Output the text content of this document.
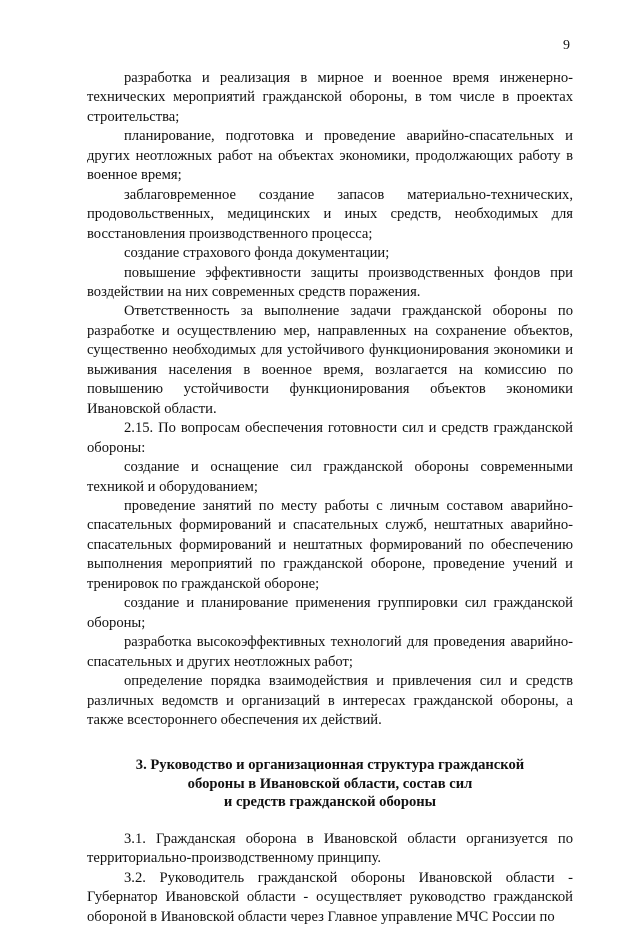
9

разработка и реализация в мирное и военное время инженерно-технических мероприятий гражданской обороны, в том числе в проектах строительства;

планирование, подготовка и проведение аварийно-спасательных и других неотложных работ на объектах экономики, продолжающих работу в военное время;

заблаговременное создание запасов материально-технических, продовольственных, медицинских и иных средств, необходимых для восстановления производственного процесса;

создание страхового фонда документации;

повышение эффективности защиты производственных фондов при воздействии на них современных средств поражения.

Ответственность за выполнение задачи гражданской обороны по разработке и осуществлению мер, направленных на сохранение объектов, существенно необходимых для устойчивого функционирования экономики и выживания населения в военное время, возлагается на комиссию по повышению устойчивости функционирования объектов экономики Ивановской области.

2.15. По вопросам обеспечения готовности сил и средств гражданской обороны:

создание и оснащение сил гражданской обороны современными техникой и оборудованием;

проведение занятий по месту работы с личным составом аварийно-спасательных формирований и спасательных служб, нештатных аварийно-спасательных формирований и нештатных формирований по обеспечению выполнения мероприятий по гражданской обороне, проведение учений и тренировок по гражданской обороне;

создание и планирование применения группировки сил гражданской обороны;

разработка высокоэффективных технологий для проведения аварийно-спасательных и других неотложных работ;

определение порядка взаимодействия и привлечения сил и средств различных ведомств и организаций в интересах гражданской обороны, а также всестороннего обеспечения их действий.

3. Руководство и организационная структура гражданской
обороны в Ивановской области, состав сил
и средств гражданской обороны

3.1. Гражданская оборона в Ивановской области организуется по территориально-производственному принципу.

3.2. Руководитель гражданской обороны Ивановской области - Губернатор Ивановской области - осуществляет руководство гражданской обороной в Ивановской области через Главное управление МЧС России по
